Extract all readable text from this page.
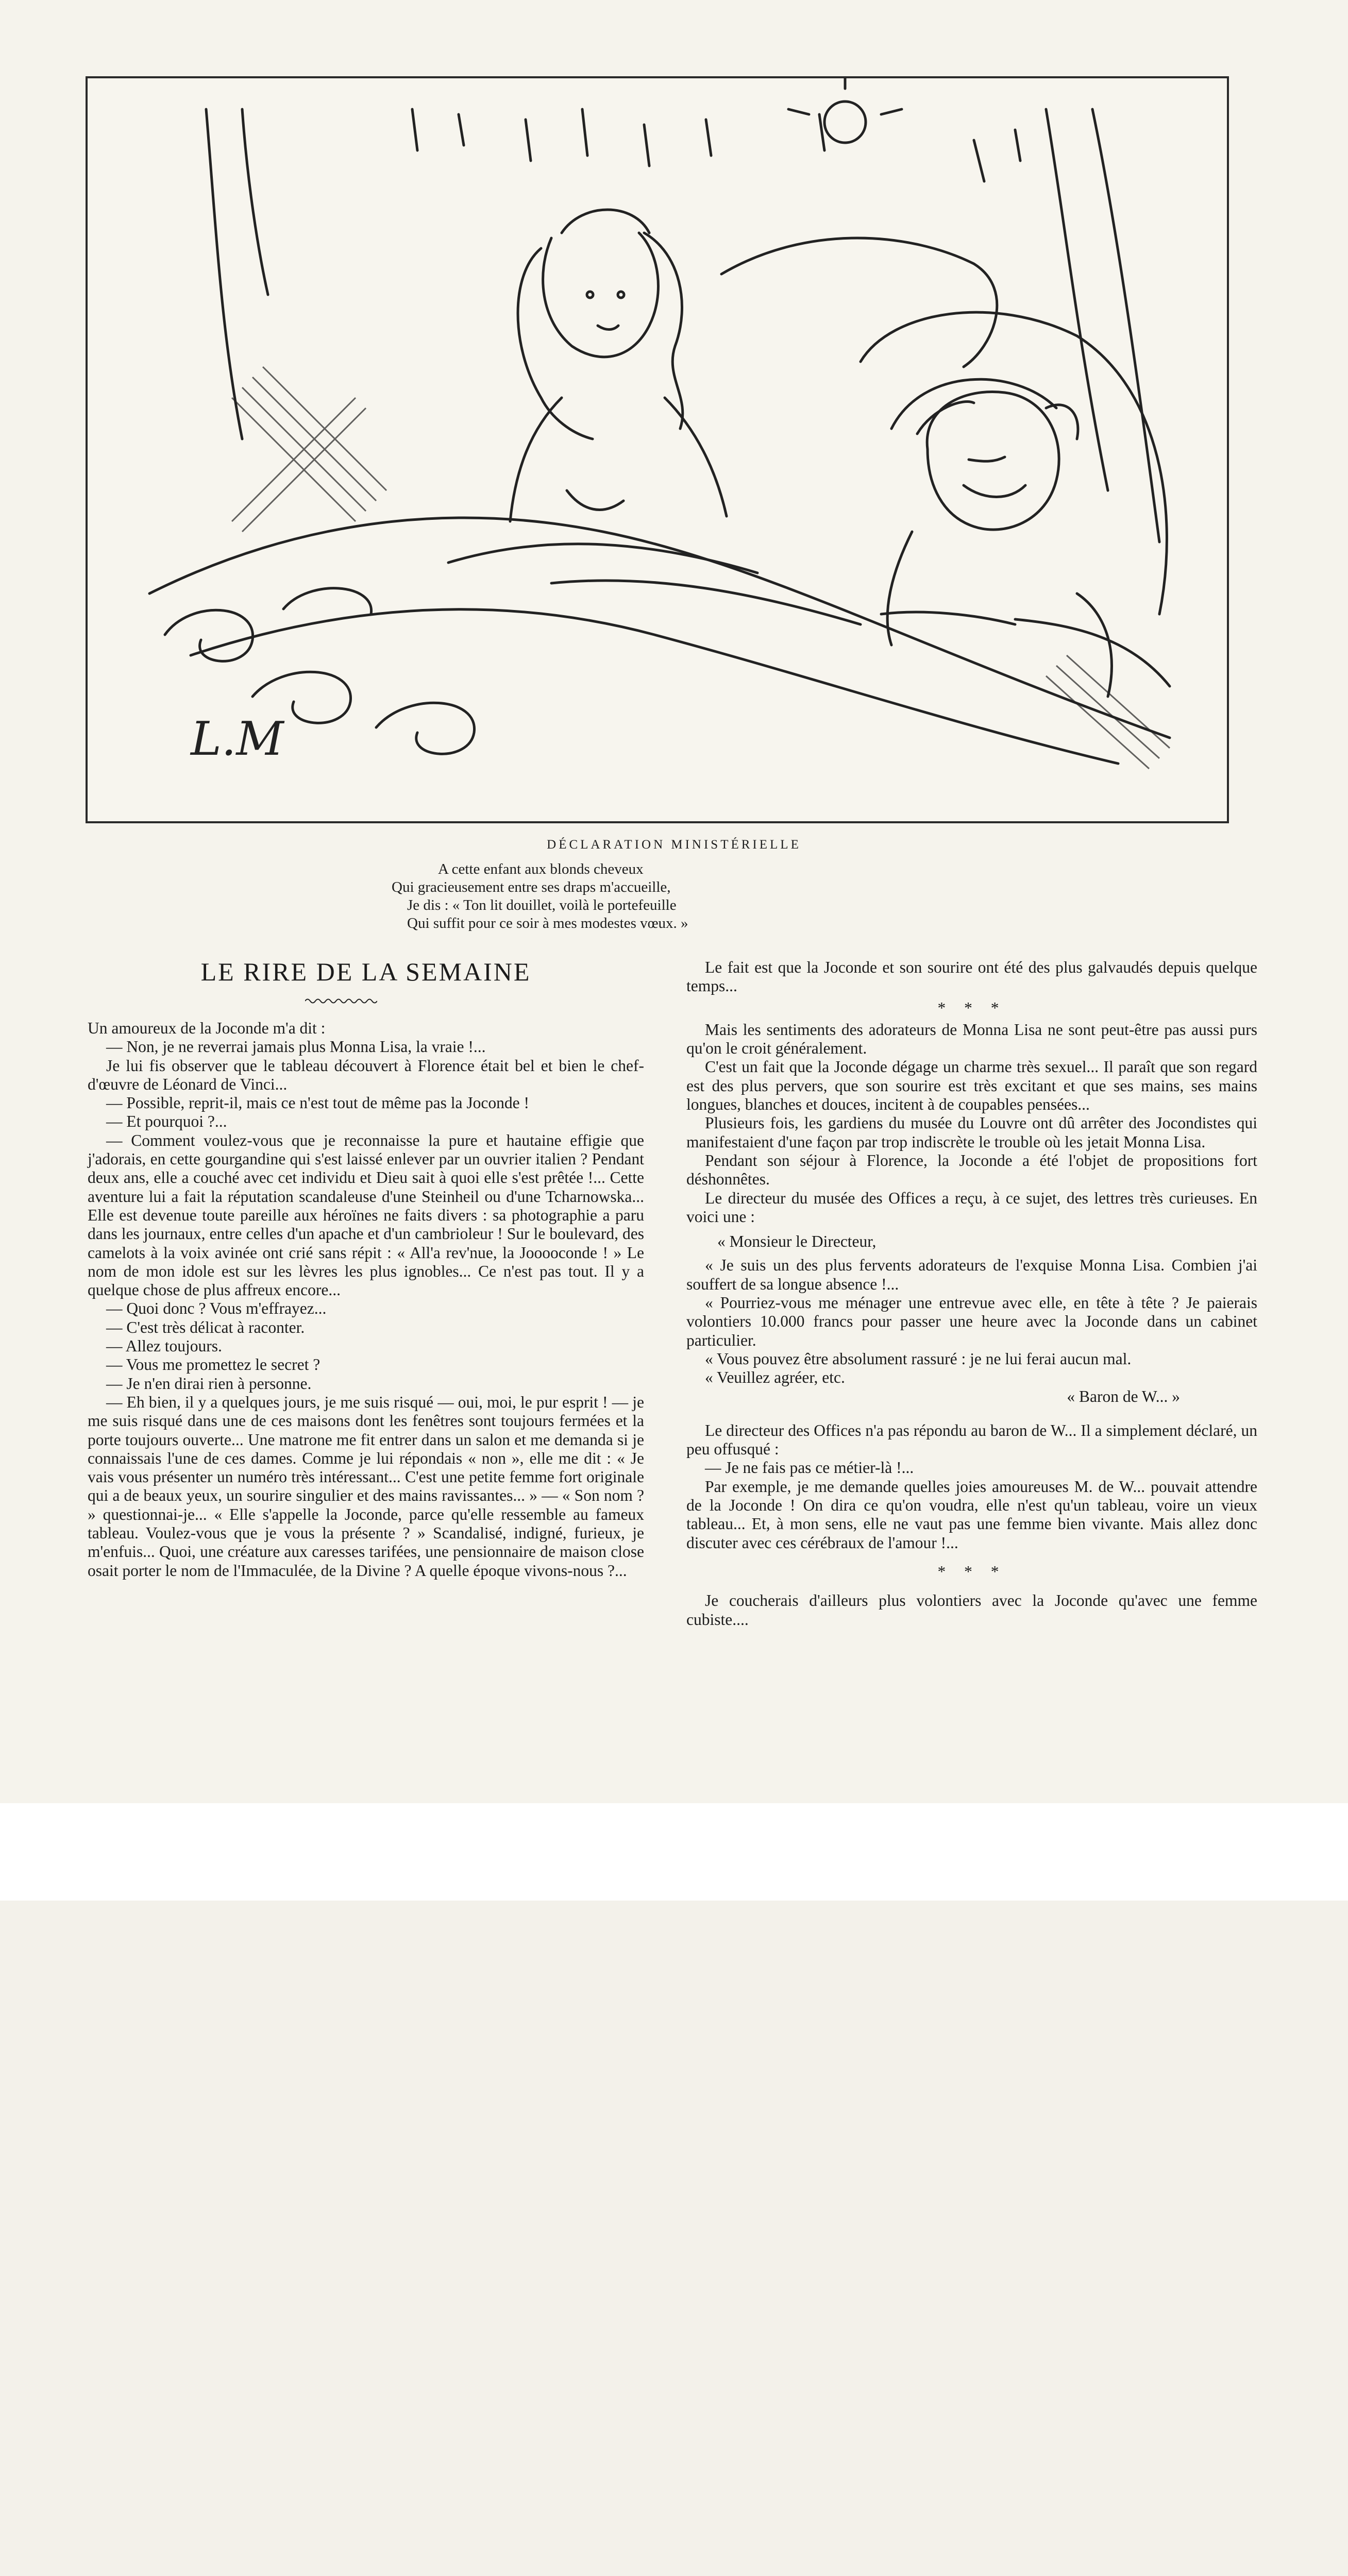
L.M
DÉCLARATION MINISTÉRIELLE
A cette enfant aux blonds cheveux
Qui gracieusement entre ses draps m'accueille,
Je dis : « Ton lit douillet, voilà le portefeuille
Qui suffit pour ce soir à mes modestes vœux. »
LE RIRE DE LA SEMAINE

Un amoureux de la Joconde m'a dit :

— Non, je ne reverrai jamais plus Monna Lisa, la vraie !...

Je lui fis observer que le tableau découvert à Florence était bel et bien le chef-d'œuvre de Léonard de Vinci...

— Possible, reprit-il, mais ce n'est tout de même pas la Joconde !

— Et pourquoi ?...

— Comment voulez-vous que je reconnaisse la pure et hautaine effigie que j'adorais, en cette gourgandine qui s'est laissé enlever par un ouvrier italien ? Pendant deux ans, elle a couché avec cet individu et Dieu sait à quoi elle s'est prêtée !... Cette aventure lui a fait la réputation scandaleuse d'une Steinheil ou d'une Tcharnowska... Elle est devenue toute pareille aux héroïnes ne faits divers : sa photographie a paru dans les journaux, entre celles d'un apache et d'un cambrioleur ! Sur le boulevard, des camelots à la voix avinée ont crié sans répit : « All'a rev'nue, la Jooooconde ! » Le nom de mon idole est sur les lèvres les plus ignobles... Ce n'est pas tout. Il y a quelque chose de plus affreux encore...

— Quoi donc ? Vous m'effrayez...

— C'est très délicat à raconter.

— Allez toujours.

— Vous me promettez le secret ?

— Je n'en dirai rien à personne.

— Eh bien, il y a quelques jours, je me suis risqué — oui, moi, le pur esprit ! — je me suis risqué dans une de ces maisons dont les fenêtres sont toujours fermées et la porte toujours ouverte... Une matrone me fit entrer dans un salon et me demanda si je connaissais l'une de ces dames. Comme je lui répondais « non », elle me dit : « Je vais vous présenter un numéro très intéressant... C'est une petite femme fort originale qui a de beaux yeux, un sourire singulier et des mains ravissantes... » — « Son nom ? » questionnai-je... « Elle s'appelle la Joconde, parce qu'elle ressemble au fameux tableau. Voulez-vous que je vous la présente ? » Scandalisé, indigné, furieux, je m'enfuis... Quoi, une créature aux caresses tarifées, une pensionnaire de maison close osait porter le nom de l'Immaculée, de la Divine ? A quelle époque vivons-nous ?...

Le fait est que la Joconde et son sourire ont été des plus galvaudés depuis quelque temps...

* * *

Mais les sentiments des adorateurs de Monna Lisa ne sont peut-être pas aussi purs qu'on le croit généralement.

C'est un fait que la Joconde dégage un charme très sexuel... Il paraît que son regard est des plus pervers, que son sourire est très excitant et que ses mains, ses mains longues, blanches et douces, incitent à de coupables pensées...

Plusieurs fois, les gardiens du musée du Louvre ont dû arrêter des Jocondistes qui manifestaient d'une façon par trop indiscrète le trouble où les jetait Monna Lisa.

Pendant son séjour à Florence, la Joconde a été l'objet de propositions fort déshonnêtes.

Le directeur du musée des Offices a reçu, à ce sujet, des lettres très curieuses. En voici une :

« Monsieur le Directeur,

« Je suis un des plus fervents adorateurs de l'exquise Monna Lisa. Combien j'ai souffert de sa longue absence !...

« Pourriez-vous me ménager une entrevue avec elle, en tête à tête ? Je paierais volontiers 10.000 francs pour passer une heure avec la Joconde dans un cabinet particulier.

« Vous pouvez être absolument rassuré : je ne lui ferai aucun mal.

« Veuillez agréer, etc.

« Baron de W... »

Le directeur des Offices n'a pas répondu au baron de W... Il a simplement déclaré, un peu offusqué :

— Je ne fais pas ce métier-là !...

Par exemple, je me demande quelles joies amoureuses M. de W... pouvait attendre de la Joconde ! On dira ce qu'on voudra, elle n'est qu'un tableau, voire un vieux tableau... Et, à mon sens, elle ne vaut pas une femme bien vivante. Mais allez donc discuter avec ces cérébraux de l'amour !...

* * *

Je coucherais d'ailleurs plus volontiers avec la Joconde qu'avec une femme cubiste....
